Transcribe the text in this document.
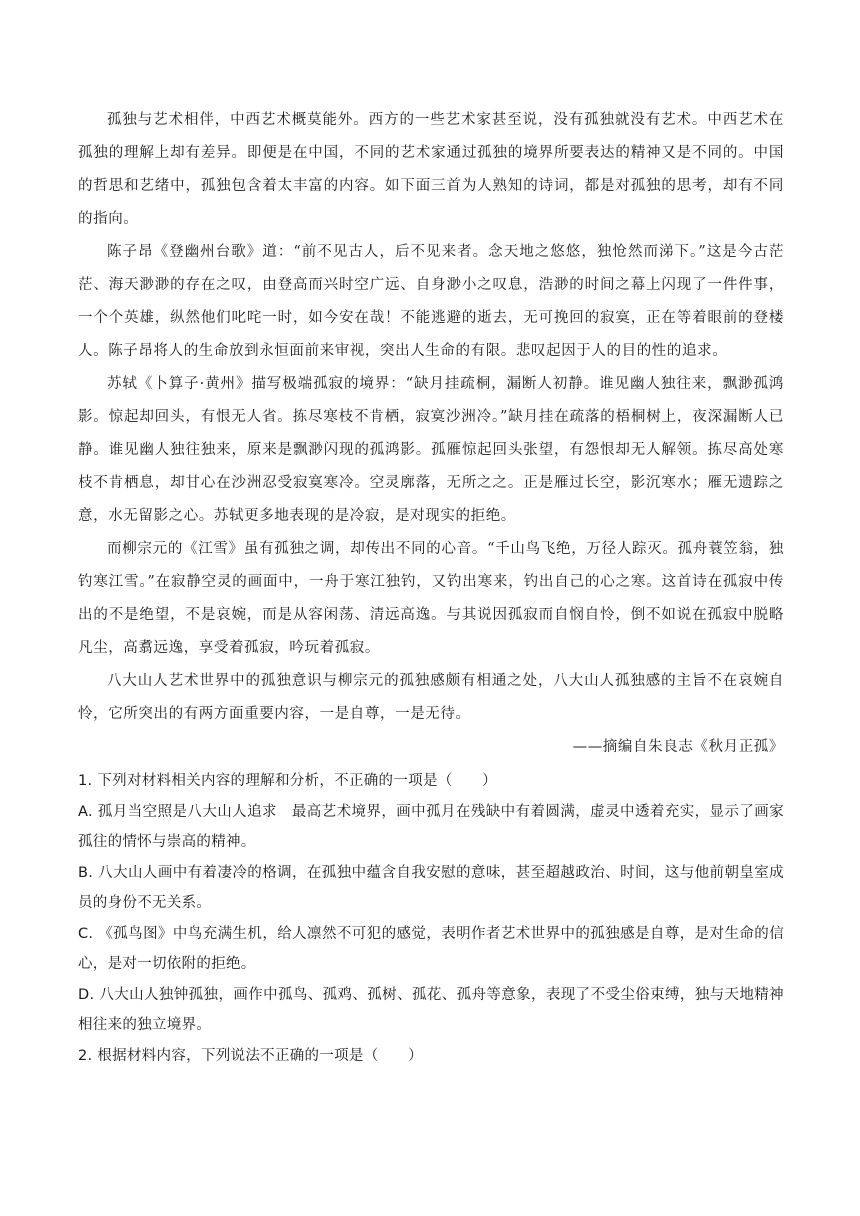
孤独与艺术相伴，中西艺术概莫能外。西方的一些艺术家甚至说，没有孤独就没有艺术。中西艺术在孤独的理解上却有差异。即便是在中国，不同的艺术家通过孤独的境界所要表达的精神又是不同的。中国的哲思和艺绪中，孤独包含着太丰富的内容。如下面三首为人熟知的诗词，都是对孤独的思考，却有不同的指向。

陈子昂《登幽州台歌》道：“前不见古人，后不见来者。念天地之悠悠，独怆然而涕下。”这是今古茫茫、海天渺渺的存在之叹，由登高而兴时空广远、自身渺小之叹息，浩渺的时间之幕上闪现了一件件事，一个个英雄，纵然他们叱咤一时，如今安在哉！不能逃避的逝去，无可挽回的寂寞，正在等着眼前的登楼人。陈子昂将人的生命放到永恒面前来审视，突出人生命的有限。悲叹起因于人的目的性的追求。

苏轼《卜算子·黄州》描写极端孤寂的境界：“缺月挂疏桐，漏断人初静。谁见幽人独往来，飘渺孤鸿影。惊起却回头，有恨无人省。拣尽寒枝不肯栖，寂寞沙洲冷。”缺月挂在疏落的梧桐树上，夜深漏断人已静。谁见幽人独往独来，原来是飘渺闪现的孤鸿影。孤雁惊起回头张望，有怨恨却无人解领。拣尽高处寒枝不肯栖息，却甘心在沙洲忍受寂寞寒冷。空灵廓落，无所之之。正是雁过长空，影沉寒水；雁无遗踪之意，水无留影之心。苏轼更多地表现的是冷寂，是对现实的拒绝。

而柳宗元的《江雪》虽有孤独之调，却传出不同的心音。“千山鸟飞绝，万径人踪灭。孤舟蓑笠翁，独钓寒江雪。”在寂静空灵的画面中，一舟于寒江独钓，又钓出寒来，钓出自己的心之寒。这首诗在孤寂中传出的不是绝望，不是哀婉，而是从容闲荡、清远高逸。与其说因孤寂而自悯自怜，倒不如说在孤寂中脱略凡尘，高翥远逸，享受着孤寂，吟玩着孤寂。

八大山人艺术世界中的孤独意识与柳宗元的孤独感颇有相通之处，八大山人孤独感的主旨不在哀婉自怜，它所突出的有两方面重要内容，一是自尊，一是无待。

——摘编自朱良志《秋月正孤》

1. 下列对材料相关内容的理解和分析，不正确的一项是（　　）

A. 孤月当空照是八大山人追求　最高艺术境界，画中孤月在残缺中有着圆满，虚灵中透着充实，显示了画家孤往的情怀与崇高的精神。

B. 八大山人画中有着凄冷的格调，在孤独中蕴含自我安慰的意味，甚至超越政治、时间，这与他前朝皇室成员的身份不无关系。

C. 《孤鸟图》中鸟充满生机，给人凛然不可犯的感觉，表明作者艺术世界中的孤独感是自尊，是对生命的信心，是对一切依附的拒绝。

D. 八大山人独钟孤独，画作中孤鸟、孤鸡、孤树、孤花、孤舟等意象，表现了不受尘俗束缚，独与天地精神相往来的独立境界。

2. 根据材料内容，下列说法不正确的一项是（　　）
